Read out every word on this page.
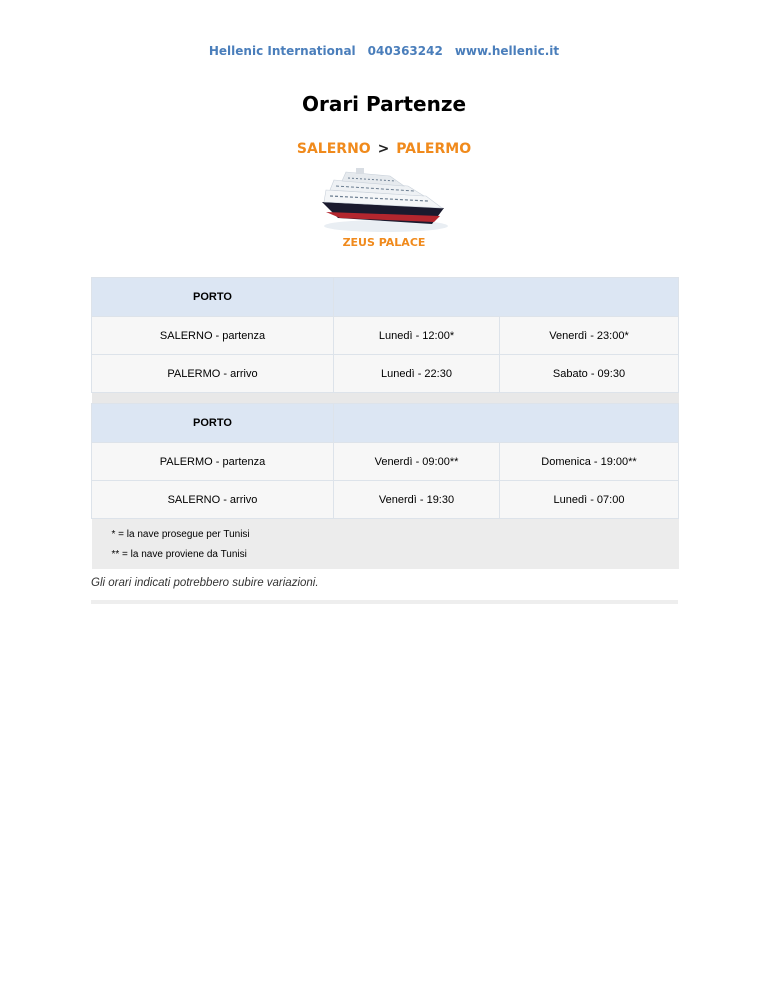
Hellenic International 040363242 www.hellenic.it
Orari Partenze
SALERNO > PALERMO
ZEUS PALACE
PORTO		
SALERNO - partenza	Lunedì - 12:00*	Venerdì - 23:00*
PALERMO - arrivo	Lunedì - 22:30	Sabato - 09:30

PORTO		
PALERMO - partenza	Venerdì - 09:00**	Domenica - 19:00**
SALERNO - arrivo	Venerdì - 19:30	Lunedì - 07:00

* = la nave prosegue per Tunisi
** = la nave proviene da Tunisi		
Gli orari indicati potrebbero subire variazioni.
